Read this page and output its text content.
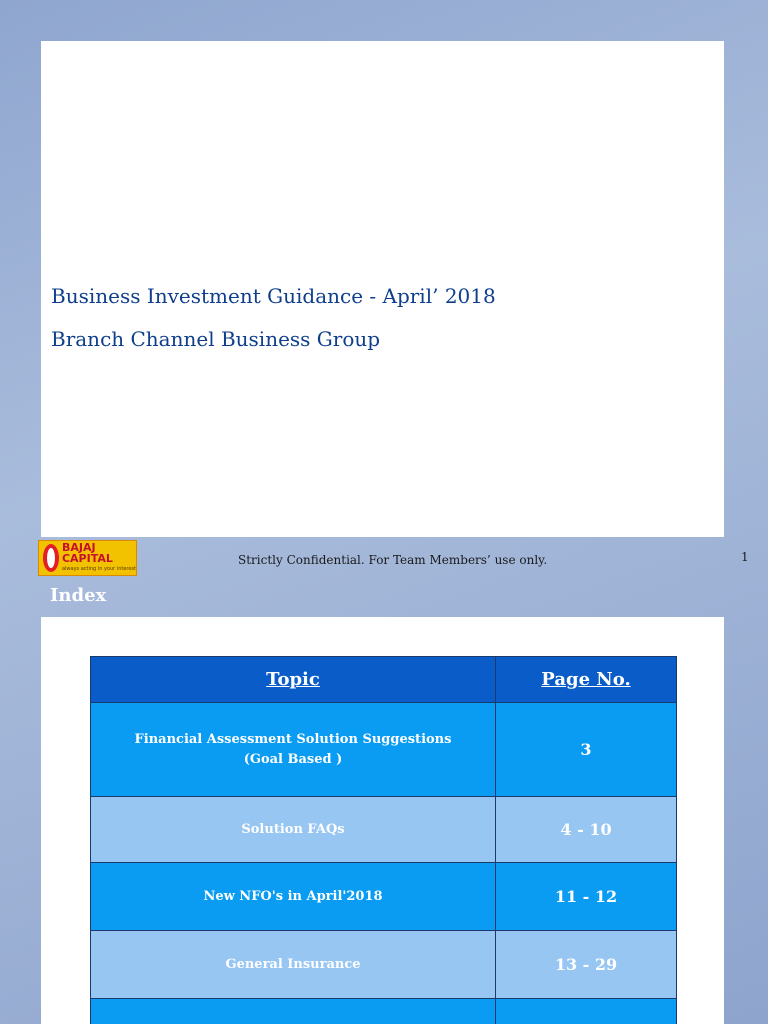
Business Investment Guidance - April’ 2018
Branch Channel Business Group
BAJAJ
CAPITAL
always acting in your interest
Strictly Confidential. For Team Members’ use only.	1
Index
Topic	Page No.
Financial Assessment Solution Suggestions (Goal Based )	3
Solution FAQs	4 - 10
New NFO's in April'2018	11 - 12
General Insurance	13 - 29
